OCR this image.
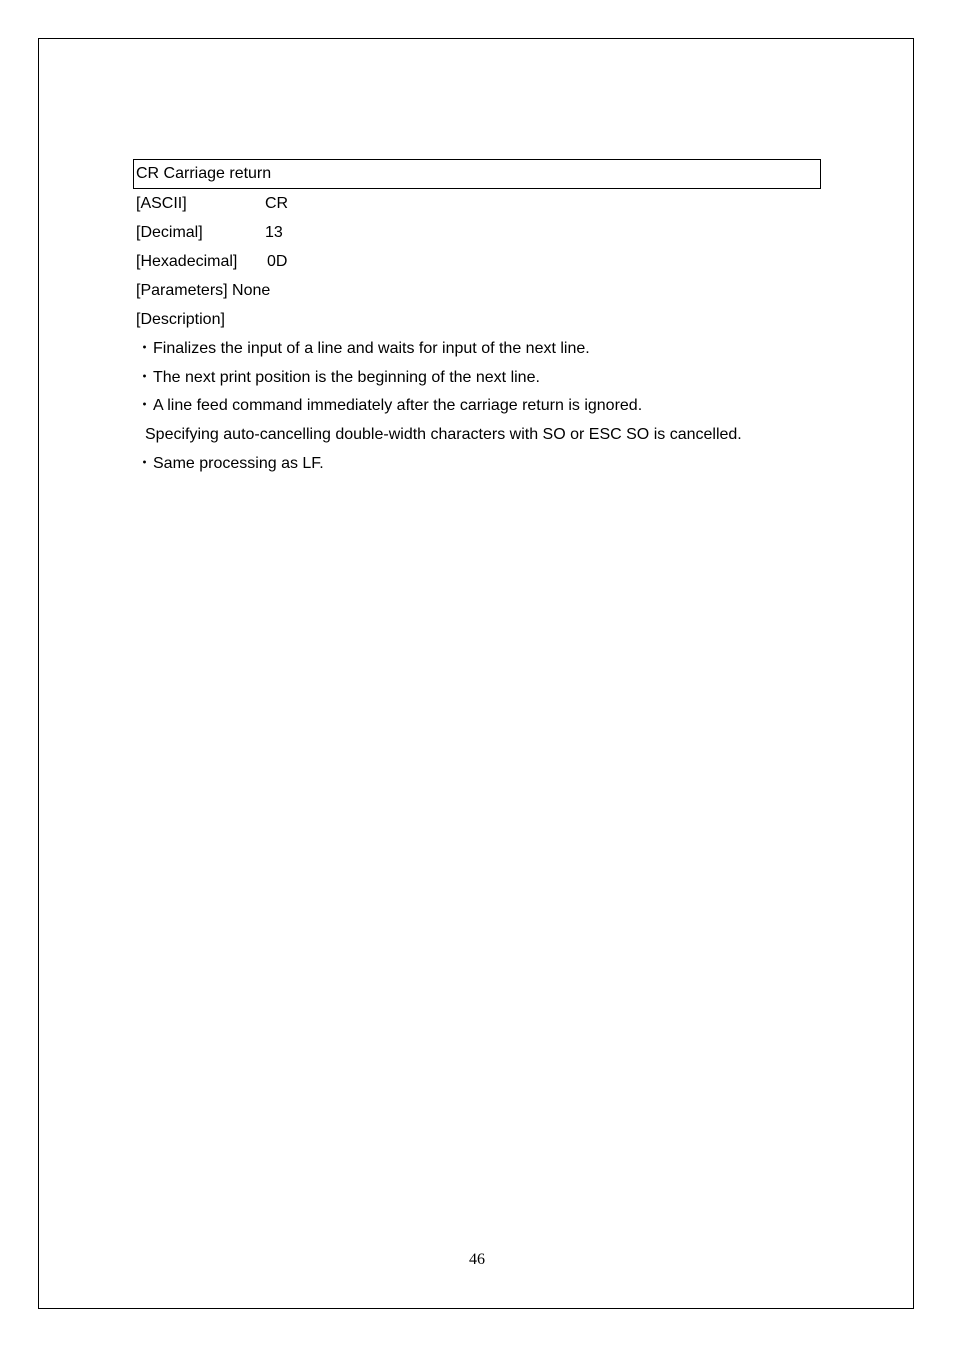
CR Carriage return
[ASCII]	CR
[Decimal]	13
[Hexadecimal] 0D
[Parameters] None
[Description]
・Finalizes the input of a line and waits for input of the next line.
・The next print position is the beginning of the next line.
・A line feed command immediately after the carriage return is ignored.
Specifying auto-cancelling double-width characters with SO or ESC SO is cancelled.
・Same processing as LF.
46
